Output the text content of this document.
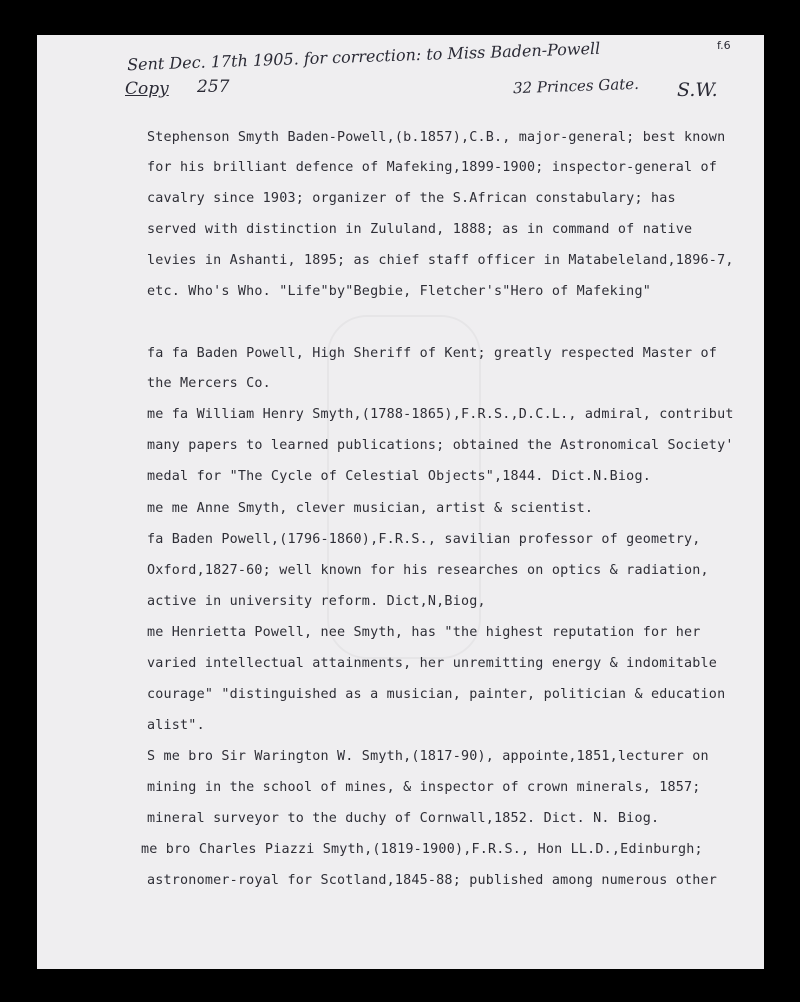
Sent Dec. 17th 1905. for correction: to Miss Baden-Powell
Copy 257	32 Princes Gate. S.W.
f.6
Stephenson Smyth Baden-Powell,(b.1857),C.B., major-general; best known
for his brilliant defence of Mafeking,1899-1900; inspector-general of
cavalry since 1903; organizer of the S.African constabulary; has
served with distinction in Zululand, 1888; as in command of native
levies in Ashanti, 1895; as chief staff officer in Matabeleland,1896-7,
etc. Who's Who. "Life"by"Begbie, Fletcher's"Hero of Mafeking"
fa fa Baden Powell, High Sheriff of Kent; greatly respected Master of
the Mercers Co.
me fa William Henry Smyth,(1788-1865),F.R.S.,D.C.L., admiral, contribut
many papers to learned publications; obtained the Astronomical Society'
medal for "The Cycle of Celestial Objects",1844. Dict.N.Biog.
me me Anne Smyth, clever musician, artist & scientist.
fa Baden Powell,(1796-1860),F.R.S., savilian professor of geometry,
Oxford,1827-60; well known for his researches on optics & radiation,
active in university reform. Dict,N,Biog,
me Henrietta Powell, nee Smyth, has "the highest reputation for her
varied intellectual attainments, her unremitting energy & indomitable
courage" "distinguished as a musician, painter, politician & education
alist".
S me bro Sir Warington W. Smyth,(1817-90), appointe,1851,lecturer on
mining in the school of mines, & inspector of crown minerals, 1857;
mineral surveyor to the duchy of Cornwall,1852. Dict. N. Biog.
me bro Charles Piazzi Smyth,(1819-1900),F.R.S., Hon LL.D.,Edinburgh;
astronomer-royal for Scotland,1845-88; published among numerous other
